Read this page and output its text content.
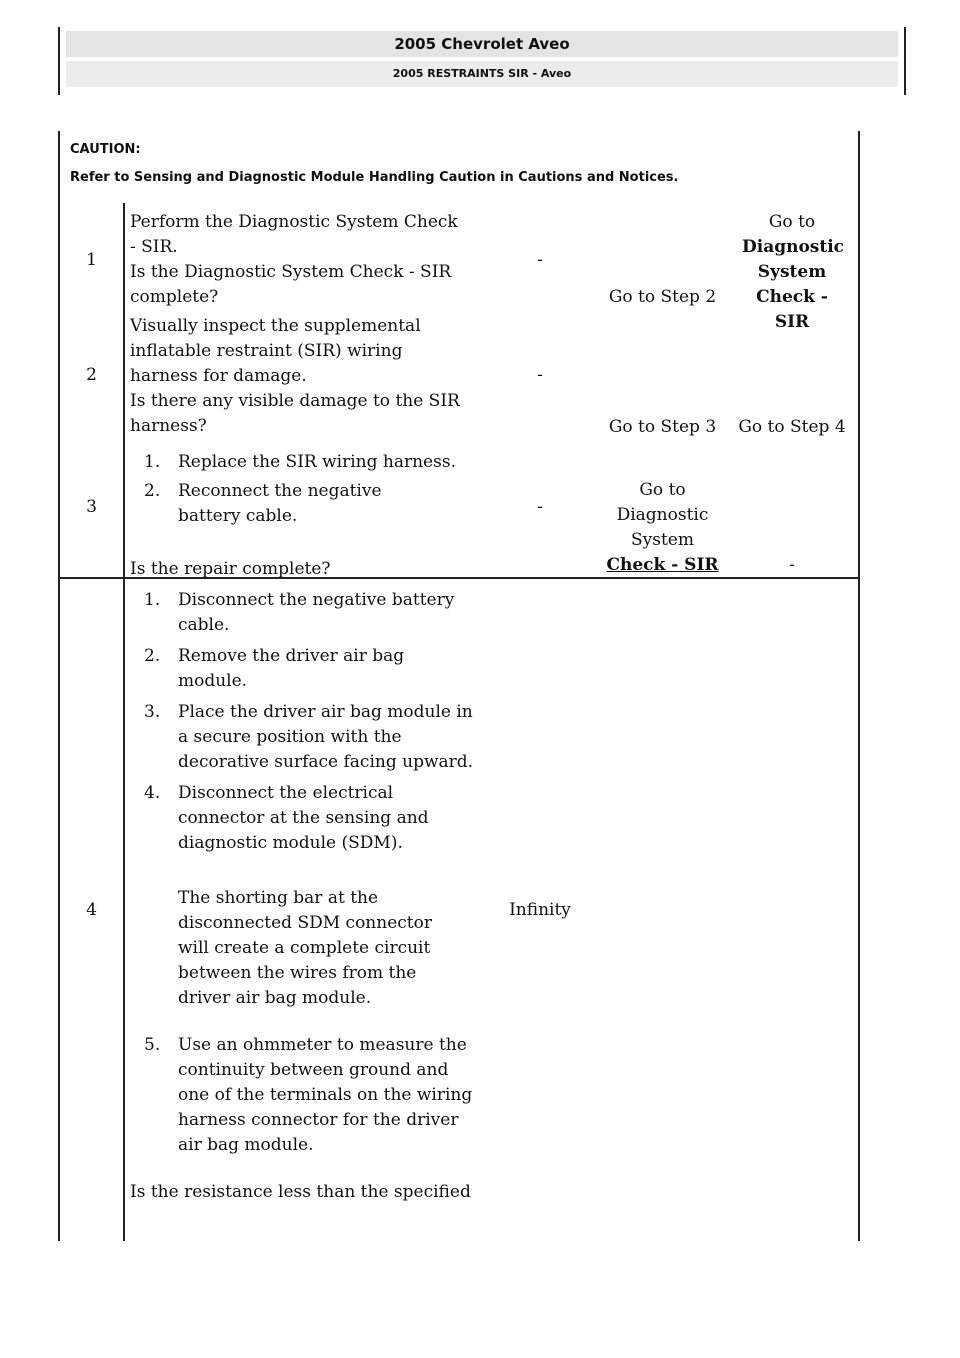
2005 Chevrolet Aveo
2005 RESTRAINTS SIR - Aveo
CAUTION:
Refer to Sensing and Diagnostic Module Handling Caution in Cautions and Notices.
1

Perform the Diagnostic System Check

- SIR.

Is the Diagnostic System Check - SIR

complete?

-
Go to Step 2
Go to
Diagnostic System Check - SIR
2

Visually inspect the supplemental

inflatable restraint (SIR) wiring

harness for damage.

Is there any visible damage to the SIR

harness?

-
Go to Step 3	Go to Step 4
3
1. Replace the SIR wiring harness.
2. Reconnect the negative battery cable.

Is the repair complete?

-
Go to
Diagnostic
System
Check - SIR	-
4
1. Disconnect the negative battery cable.
2. Remove the driver air bag module.
3. Place the driver air bag module in a secure position with the decorative surface facing upward.
4. Disconnect the electrical connector at the sensing and diagnostic module (SDM).

The shorting bar at the disconnected SDM connector will create a complete circuit between the wires from the driver air bag module.

5. Use an ohmmeter to measure the continuity between ground and one of the terminals on the wiring harness connector for the driver air bag module.

Is the resistance less than the specified

Infinity
